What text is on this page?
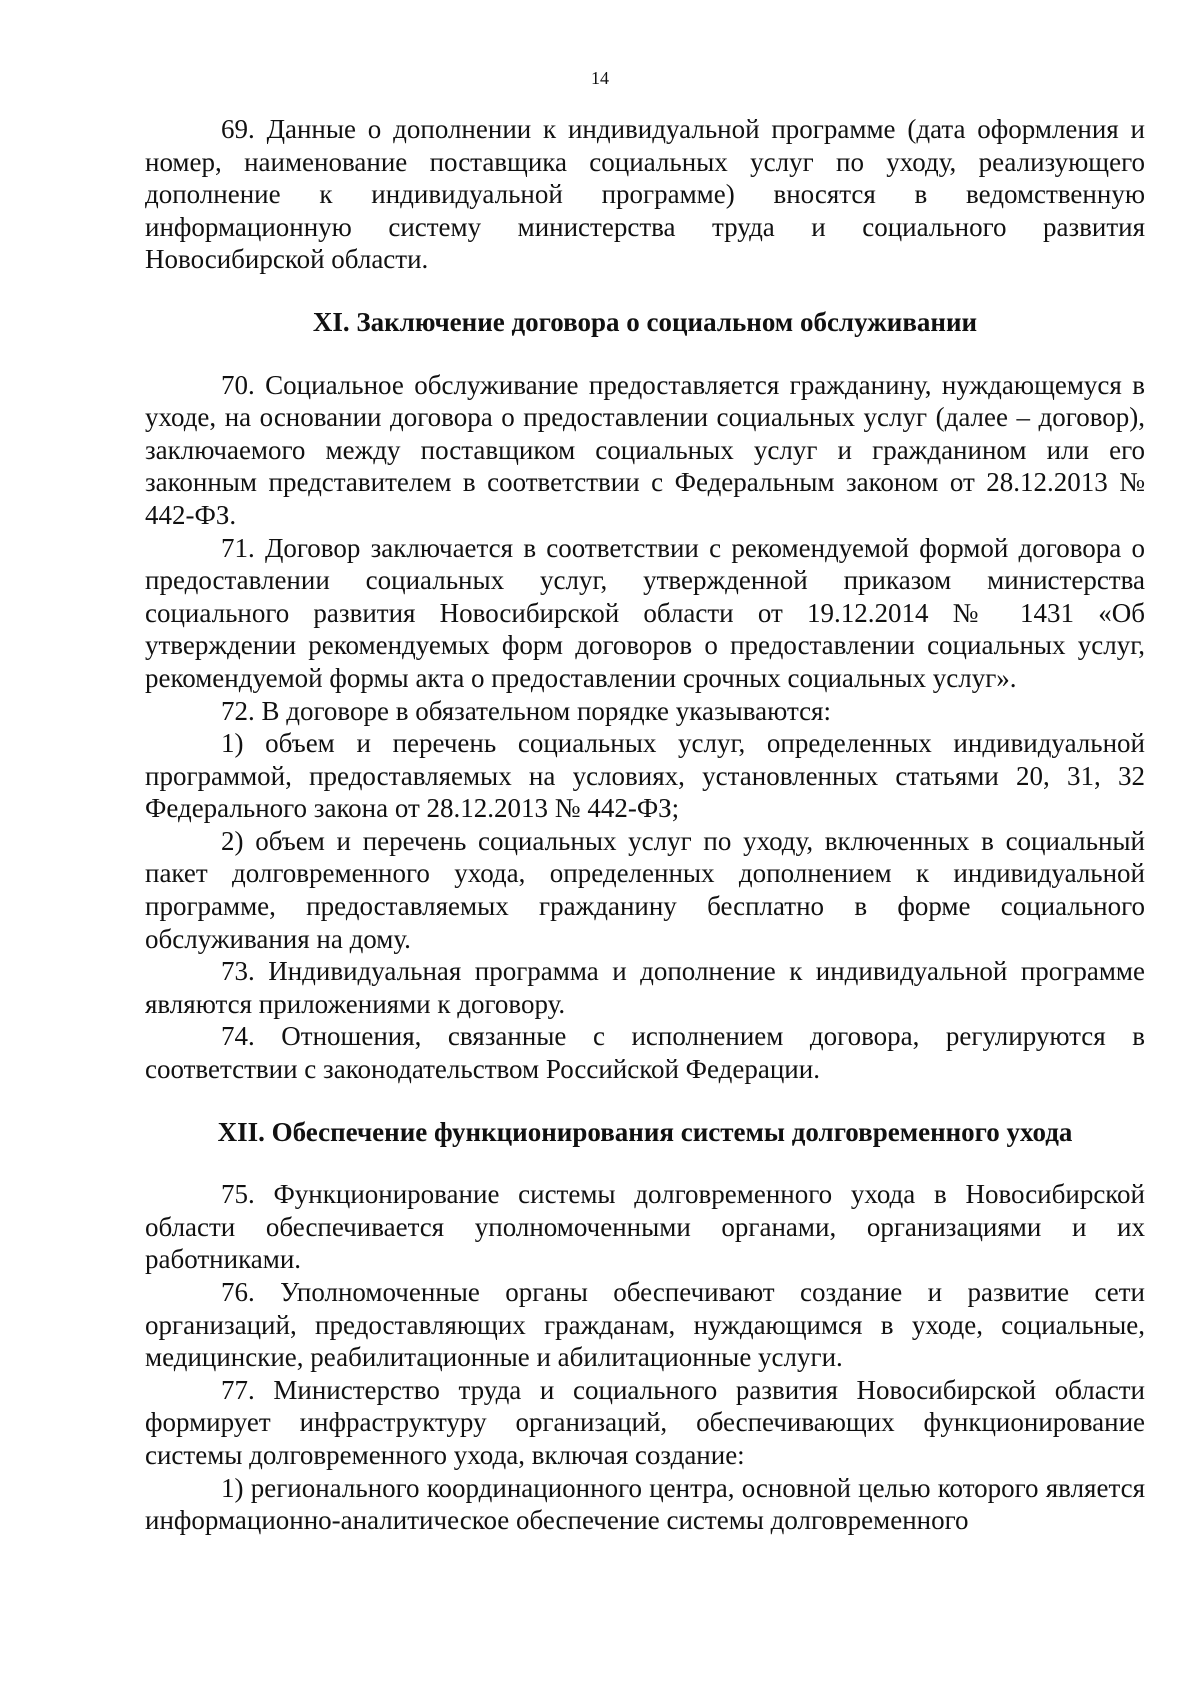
14

69. Данные о дополнении к индивидуальной программе (дата оформления и номер, наименование поставщика социальных услуг по уходу, реализующего дополнение к индивидуальной программе) вносятся в ведомственную информационную систему министерства труда и социального развития Новосибирской области.

XI. Заключение договора о социальном обслуживании

70. Социальное обслуживание предоставляется гражданину, нуждающемуся в уходе, на основании договора о предоставлении социальных услуг (далее – договор), заключаемого между поставщиком социальных услуг и гражданином или его законным представителем в соответствии с Федеральным законом от 28.12.2013 № 442-ФЗ.

71. Договор заключается в соответствии с рекомендуемой формой договора о предоставлении социальных услуг, утвержденной приказом министерства социального развития Новосибирской области от 19.12.2014 № 1431 «Об утверждении рекомендуемых форм договоров о предоставлении социальных услуг, рекомендуемой формы акта о предоставлении срочных социальных услуг».

72. В договоре в обязательном порядке указываются:

1) объем и перечень социальных услуг, определенных индивидуальной программой, предоставляемых на условиях, установленных статьями 20, 31, 32 Федерального закона от 28.12.2013 № 442-ФЗ;

2) объем и перечень социальных услуг по уходу, включенных в социальный пакет долговременного ухода, определенных дополнением к индивидуальной программе, предоставляемых гражданину бесплатно в форме социального обслуживания на дому.

73. Индивидуальная программа и дополнение к индивидуальной программе являются приложениями к договору.

74. Отношения, связанные с исполнением договора, регулируются в соответствии с законодательством Российской Федерации.

XII. Обеспечение функционирования системы долговременного ухода

75. Функционирование системы долговременного ухода в Новосибирской области обеспечивается уполномоченными органами, организациями и их работниками.

76. Уполномоченные органы обеспечивают создание и развитие сети организаций, предоставляющих гражданам, нуждающимся в уходе, социальные, медицинские, реабилитационные и абилитационные услуги.

77. Министерство труда и социального развития Новосибирской области формирует инфраструктуру организаций, обеспечивающих функционирование системы долговременного ухода, включая создание:

1) регионального координационного центра, основной целью которого является информационно-аналитическое обеспечение системы долговременного
